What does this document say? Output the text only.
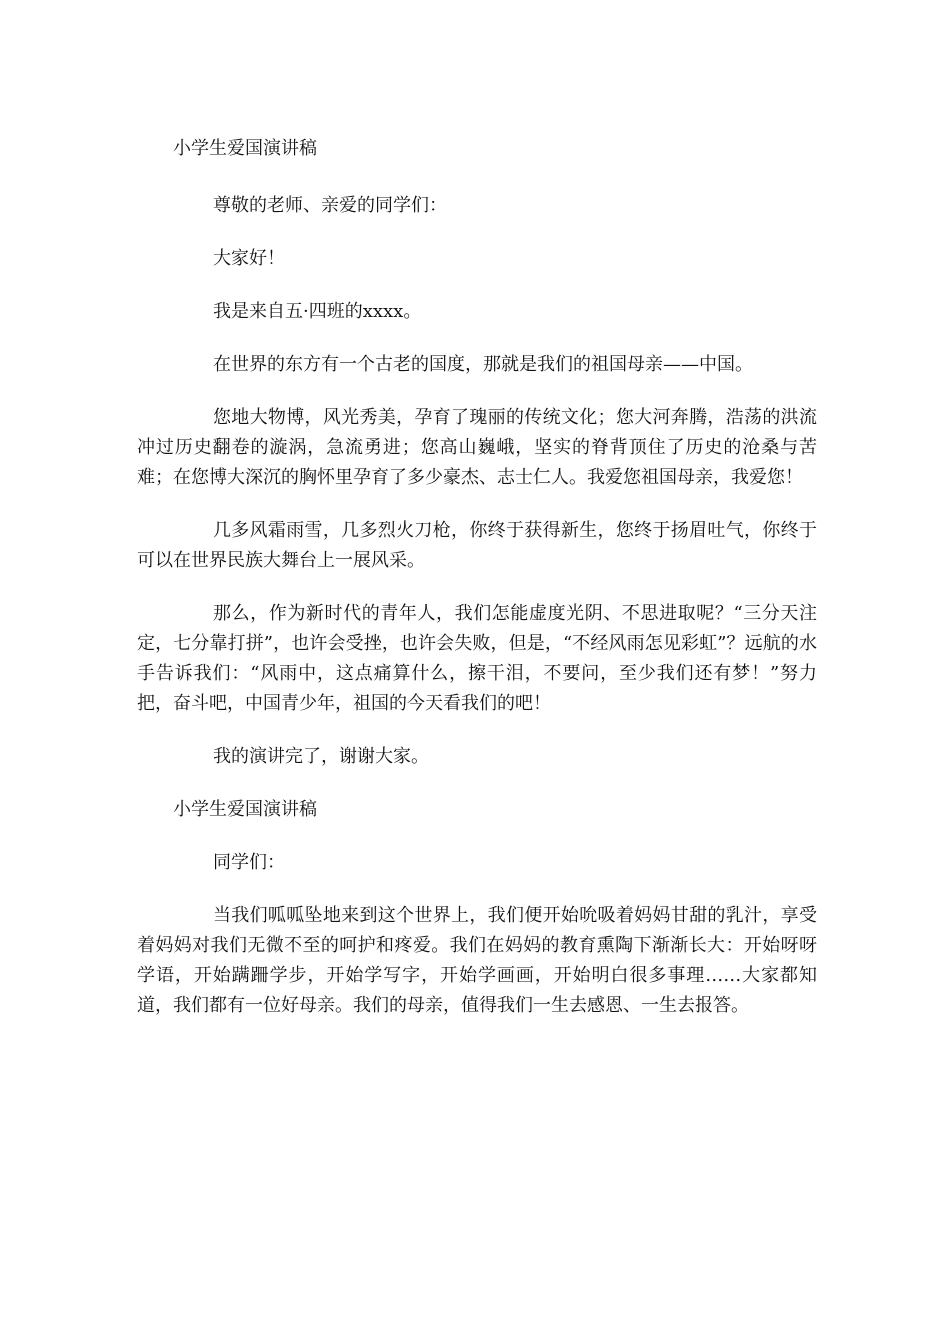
小学生爱国演讲稿

尊敬的老师、亲爱的同学们：

大家好！

我是来自五·四班的xxxx。

在世界的东方有一个古老的国度，那就是我们的祖国母亲——中国。

您地大物博，风光秀美，孕育了瑰丽的传统文化；您大河奔腾，浩荡的洪流冲过历史翻卷的漩涡，急流勇进；您高山巍峨，坚实的脊背顶住了历史的沧桑与苦难；在您博大深沉的胸怀里孕育了多少豪杰、志士仁人。我爱您祖国母亲，我爱您！

几多风霜雨雪，几多烈火刀枪，你终于获得新生，您终于扬眉吐气，你终于可以在世界民族大舞台上一展风采。

那么，作为新时代的青年人，我们怎能虚度光阴、不思进取呢？“三分天注定，七分靠打拼”，也许会受挫，也许会失败，但是，“不经风雨怎见彩虹”？远航的水手告诉我们：“风雨中，这点痛算什么，擦干泪，不要问，至少我们还有梦！”努力把，奋斗吧，中国青少年，祖国的今天看我们的吧！

我的演讲完了，谢谢大家。

小学生爱国演讲稿

同学们：

当我们呱呱坠地来到这个世界上，我们便开始吮吸着妈妈甘甜的乳汁，享受着妈妈对我们无微不至的呵护和疼爱。我们在妈妈的教育熏陶下渐渐长大：开始呀呀学语，开始蹒跚学步，开始学写字，开始学画画，开始明白很多事理……大家都知道，我们都有一位好母亲。我们的母亲，值得我们一生去感恩、一生去报答。
